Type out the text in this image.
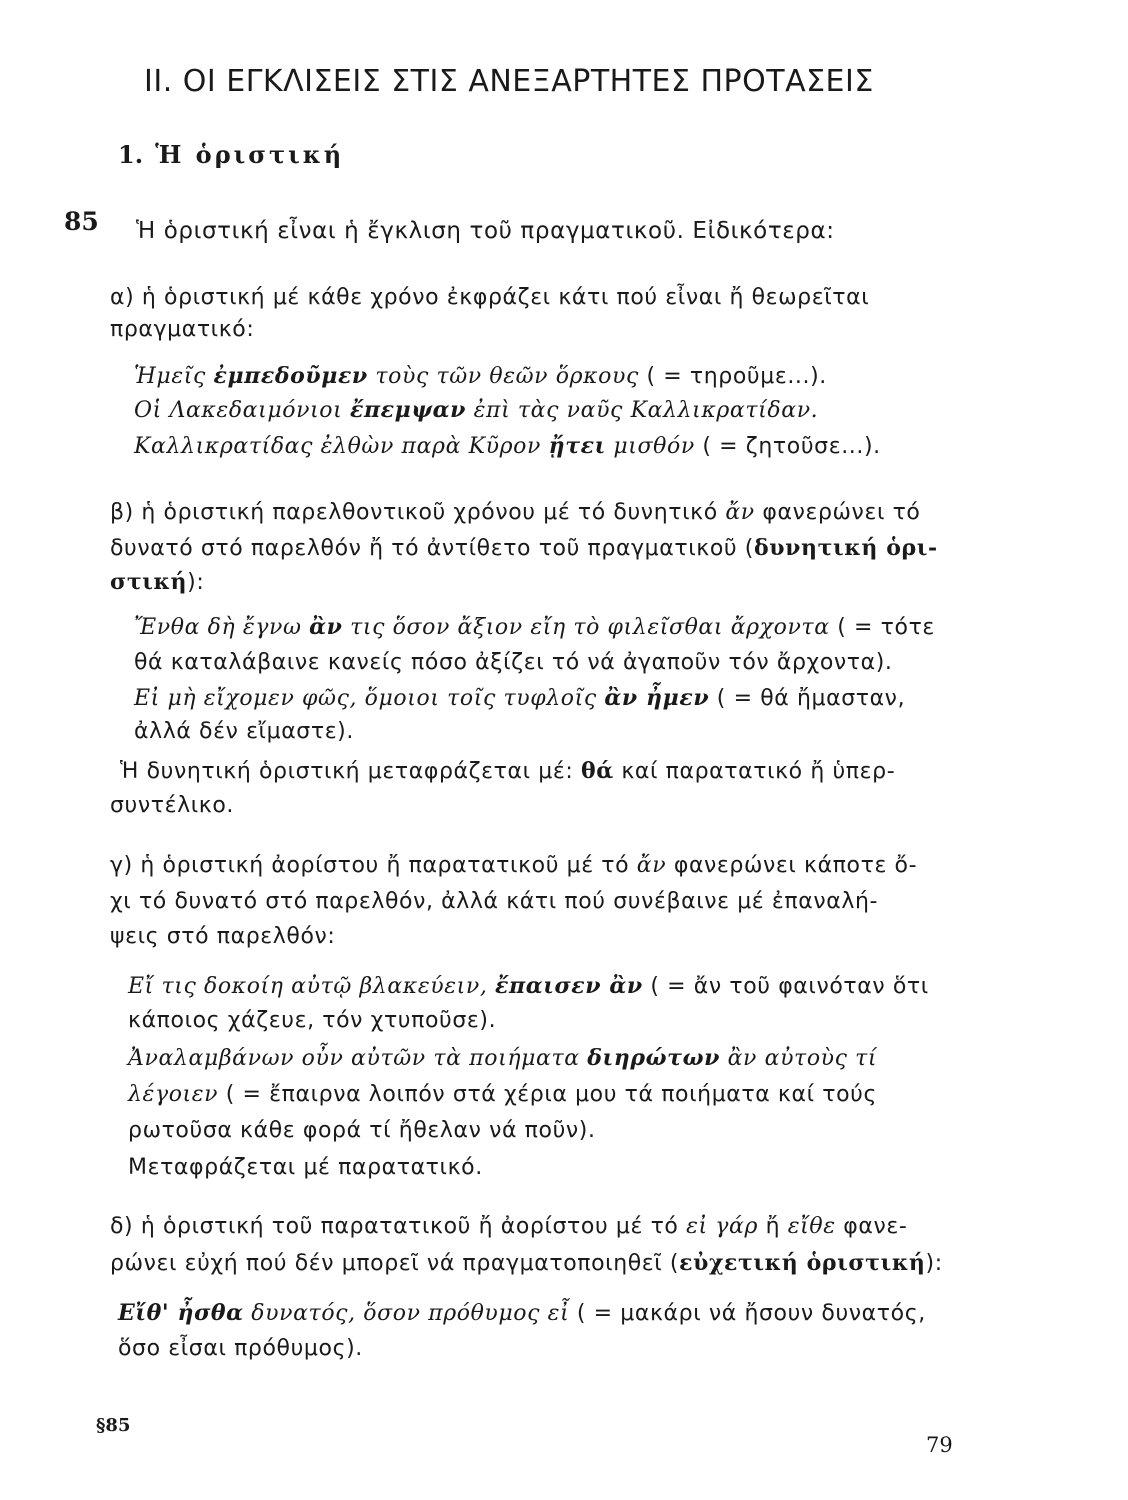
II. ΟΙ ΕΓΚΛΙΣΕΙΣ ΣΤΙΣ ΑΝΕΞΑΡΤΗΤΕΣ ΠΡΟΤΑΣΕΙΣ
1. Ἡ ὁριστική
85 Ἡ ὁριστική εἶναι ἡ ἔγκλιση τοῦ πραγματικοῦ. Εἰδικότερα:
α) ἡ ὁριστική μέ κάθε χρόνο ἐκφράζει κάτι πού εἶναι ἤ θεωρεῖται
πραγματικό:
Ἡμεῖς ἐμπεδοῦμεν τοὺς τῶν θεῶν ὅρκους ( = τηροῦμε...).
Οἱ Λακεδαιμόνιοι ἔπεμψαν ἐπὶ τὰς ναῦς Καλλικρατίδαν.
Καλλικρατίδας ἐλθὼν παρὰ Κῦρον ᾔτει μισθόν ( = ζητοῦσε...).
β) ἡ ὁριστική παρελθοντικοῦ χρόνου μέ τό δυνητικό ἄν φανερώνει τό
δυνατό στό παρελθόν ἤ τό ἀντίθετο τοῦ πραγματικοῦ (δυνητική ὁρι-
στική):
Ἔνθα δὴ ἔγνω ἂν τις ὅσον ἄξιον εἴη τὸ φιλεῖσθαι ἄρχοντα ( = τότε
θά καταλάβαινε κανείς πόσο ἀξίζει τό νά ἀγαποῦν τόν ἄρχοντα).
Εἰ μὴ εἴχομεν φῶς, ὅμοιοι τοῖς τυφλοῖς ἂν ἦμεν ( = θά ἤμασταν,
ἀλλά δέν εἴμαστε).
Ἡ δυνητική ὁριστική μεταφράζεται μέ: θά καί παρατατικό ἤ ὑπερ-
συντέλικο.
γ) ἡ ὁριστική ἀορίστου ἤ παρατατικοῦ μέ τό ἄν φανερώνει κάποτε ὄ-
χι τό δυνατό στό παρελθόν, ἀλλά κάτι πού συνέβαινε μέ ἐπαναλή-
ψεις στό παρελθόν:
Εἴ τις δοκοίη αὐτῷ βλακεύειν, ἔπαισεν ἂν ( = ἄν τοῦ φαινόταν ὅτι
κάποιος χάζευε, τόν χτυποῦσε).
Ἀναλαμβάνων οὖν αὐτῶν τὰ ποιήματα διηρώτων ἂν αὐτοὺς τί
λέγοιεν ( = ἔπαιρνα λοιπόν στά χέρια μου τά ποιήματα καί τούς
ρωτοῦσα κάθε φορά τί ἤθελαν νά ποῦν).
Μεταφράζεται μέ παρατατικό.
δ) ἡ ὁριστική τοῦ παρατατικοῦ ἤ ἀορίστου μέ τό εἰ γάρ ἤ εἴθε φανε-
ρώνει εὐχή πού δέν μπορεῖ νά πραγματοποιηθεῖ (εὐχετική ὁριστική):
Εἴθ' ἦσθα δυνατός, ὅσον πρόθυμος εἶ ( = μακάρι νά ἤσουν δυνατός,
ὅσο εἶσαι πρόθυμος).
§85
79
